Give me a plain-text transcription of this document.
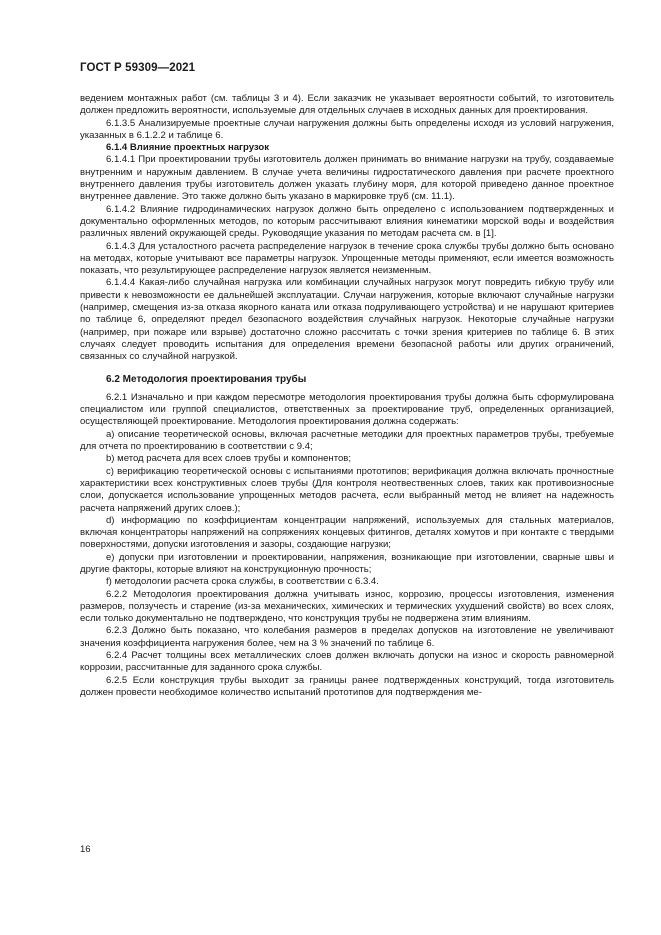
ГОСТ Р 59309—2021

ведением монтажных работ (см. таблицы 3 и 4). Если заказчик не указывает вероятности событий, то изготовитель должен предложить вероятности, используемые для отдельных случаев в исходных данных для проектирования.

6.1.3.5 Анализируемые проектные случаи нагружения должны быть определены исходя из условий нагружения, указанных в 6.1.2.2 и таблице 6.

6.1.4 Влияние проектных нагрузок

6.1.4.1 При проектировании трубы изготовитель должен принимать во внимание нагрузки на трубу, создаваемые внутренним и наружным давлением. В случае учета величины гидростатического давления при расчете проектного внутреннего давления трубы изготовитель должен указать глубину моря, для которой приведено данное проектное внутреннее давление. Это также должно быть указано в маркировке труб (см. 11.1).

6.1.4.2 Влияние гидродинамических нагрузок должно быть определено с использованием подтвержденных и документально оформленных методов, по которым рассчитывают влияния кинематики морской воды и воздействия различных явлений окружающей среды. Руководящие указания по методам расчета см. в [1].

6.1.4.3 Для усталостного расчета распределение нагрузок в течение срока службы трубы должно быть основано на методах, которые учитывают все параметры нагрузок. Упрощенные методы применяют, если имеется возможность показать, что результирующее распределение нагрузок является неизменным.

6.1.4.4 Какая-либо случайная нагрузка или комбинации случайных нагрузок могут повредить гибкую трубу или привести к невозможности ее дальнейшей эксплуатации. Случаи нагружения, которые включают случайные нагрузки (например, смещения из-за отказа якорного каната или отказа подруливающего устройства) и не нарушают критериев по таблице 6, определяют предел безопасного воздействия случайных нагрузок. Некоторые случайные нагрузки (например, при пожаре или взрыве) достаточно сложно рассчитать с точки зрения критериев по таблице 6. В этих случаях следует проводить испытания для определения времени безопасной работы или других ограничений, связанных со случайной нагрузкой.

6.2 Методология проектирования трубы

6.2.1 Изначально и при каждом пересмотре методология проектирования трубы должна быть сформулирована специалистом или группой специалистов, ответственных за проектирование труб, определенных организацией, осуществляющей проектирование. Методология проектирования должна содержать:

a) описание теоретической основы, включая расчетные методики для проектных параметров трубы, требуемые для отчета по проектированию в соответствии с 9.4;

b) метод расчета для всех слоев трубы и компонентов;

c) верификацию теоретической основы с испытаниями прототипов; верификация должна включать прочностные характеристики всех конструктивных слоев трубы (Для контроля неотвественных слоев, таких как противоизносные слои, допускается использование упрощенных методов расчета, если выбранный метод не влияет на надежность расчета напряжений других слоев.);

d) информацию по коэффициентам концентрации напряжений, используемых для стальных материалов, включая концентраторы напряжений на сопряжениях концевых фитингов, деталях хомутов и при контакте с твердыми поверхностями, допуски изготовления и зазоры, создающие нагрузки;

e) допуски при изготовлении и проектировании, напряжения, возникающие при изготовлении, сварные швы и другие факторы, которые влияют на конструкционную прочность;

f) методологии расчета срока службы, в соответствии с 6.3.4.

6.2.2 Методология проектирования должна учитывать износ, коррозию, процессы изготовления, изменения размеров, ползучесть и старение (из-за механических, химических и термических ухудшений свойств) во всех слоях, если только документально не подтверждено, что конструкция трубы не подвержена этим влияниям.

6.2.3 Должно быть показано, что колебания размеров в пределах допусков на изготовление не увеличивают значения коэффициента нагружения более, чем на 3 % значений по таблице 6.

6.2.4 Расчет толщины всех металлических слоев должен включать допуски на износ и скорость равномерной коррозии, рассчитанные для заданного срока службы.

6.2.5 Если конструкция трубы выходит за границы ранее подтвержденных конструкций, тогда изготовитель должен провести необходимое количество испытаний прототипов для подтверждения ме-

16
